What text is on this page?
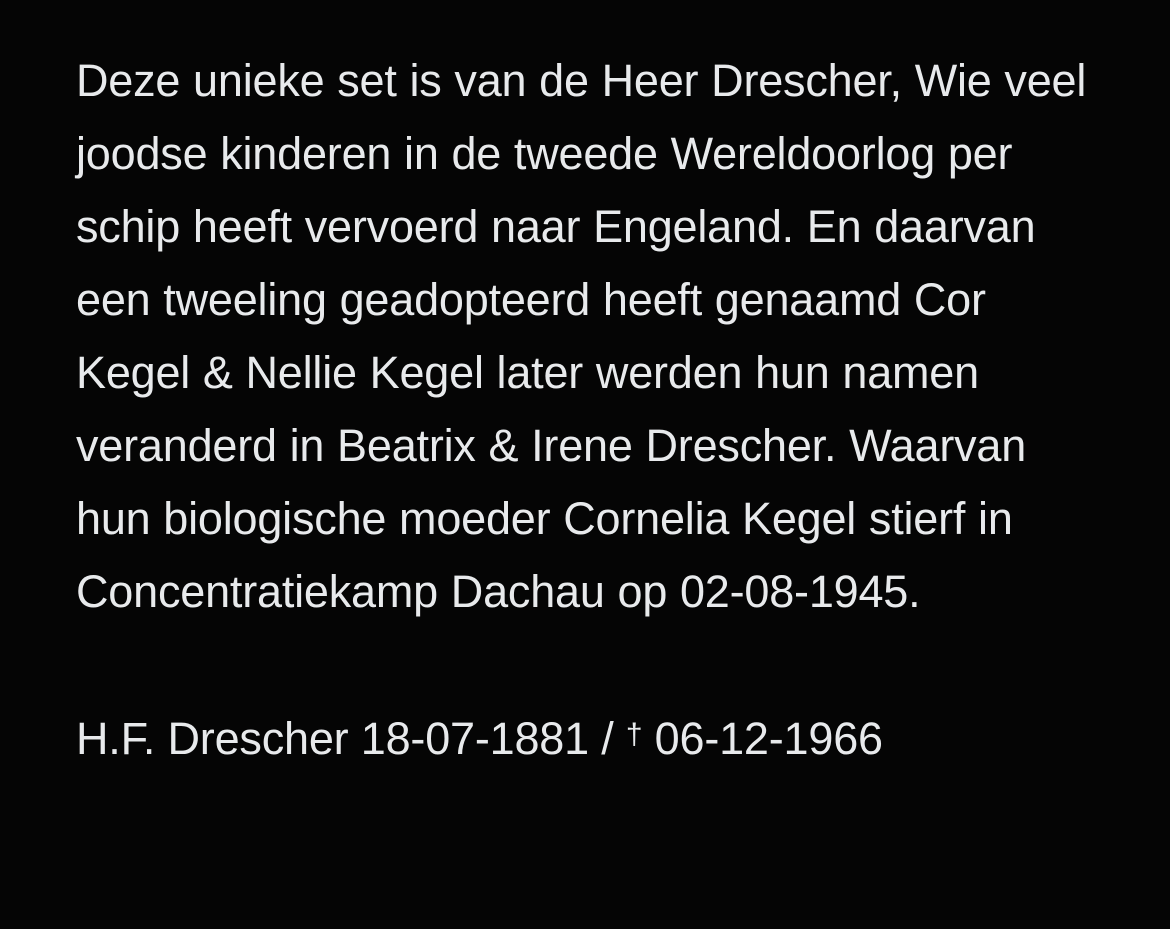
Deze unieke set is van de Heer Drescher, Wie veel joodse kinderen in de tweede Wereldoorlog per schip heeft vervoerd naar Engeland. En daarvan een tweeling geadopteerd heeft genaamd Cor Kegel & Nellie Kegel later werden hun namen veranderd in Beatrix & Irene Drescher. Waarvan hun biologische moeder Cornelia Kegel stierf in Concentratiekamp Dachau op 02-08-1945.

H.F. Drescher 18-07-1881 / † 06-12-1966
